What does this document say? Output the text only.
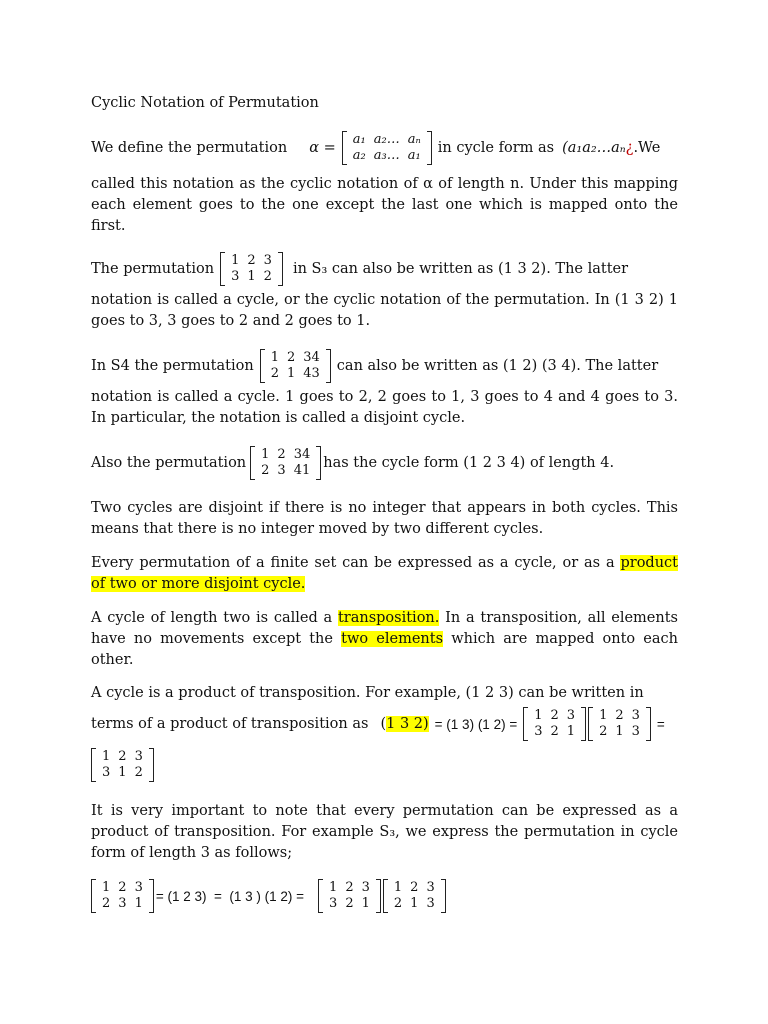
Cyclic Notation of Permutation
We define the permutation α =
a₁	a₂…	aₙ
a₂	a₃…	a₁ in cycle form as (a₁a₂…aₙ ¿ .We

called this notation as the cyclic notation of α of length n. Under this mapping each element goes to the one except the last one which is mapped onto the first.

The permutation
1	2	3
3	1	2 in S₃ can also be written as (1 3 2). The latter

notation is called a cycle, or the cyclic notation of the permutation. In (1 3 2) 1 goes to 3, 3 goes to 2 and 2 goes to 1.

In S4 the permutation
1	2	34
2	1	43 can also be written as (1 2) (3 4). The latter

notation is called a cycle. 1 goes to 2, 2 goes to 1, 3 goes to 4 and 4 goes to 3. In particular, the notation is called a disjoint cycle.

Also the permutation
1	2	34
2	3	41 has the cycle form (1 2 3 4) of length 4.

Two cycles are disjoint if there is no integer that appears in both cycles. This means that there is no integer moved by two different cycles.

Every permutation of a finite set can be expressed as a cycle, or as a product of two or more disjoint cycle.

A cycle of length two is called a transposition. In a transposition, all elements have no movements except the two elements which are mapped onto each other.

A cycle is a product of transposition. For example, (1 2 3) can be written in

terms of a product of transposition as ( 1 3 2) = (1 3) (1 2) =
1	2	3
3	2	1
1	2	3
2	1	3 =
1	2	3
3	1	2

It is very important to note that every permutation can be expressed as a product of transposition. For example S₃, we express the permutation in cycle form of length 3 as follows;

1	2	3
2	3	1 = (1 2 3)  =  (1 3 ) (1 2) =
1	2	3
3	2	1
1	2	3
2	1	3
